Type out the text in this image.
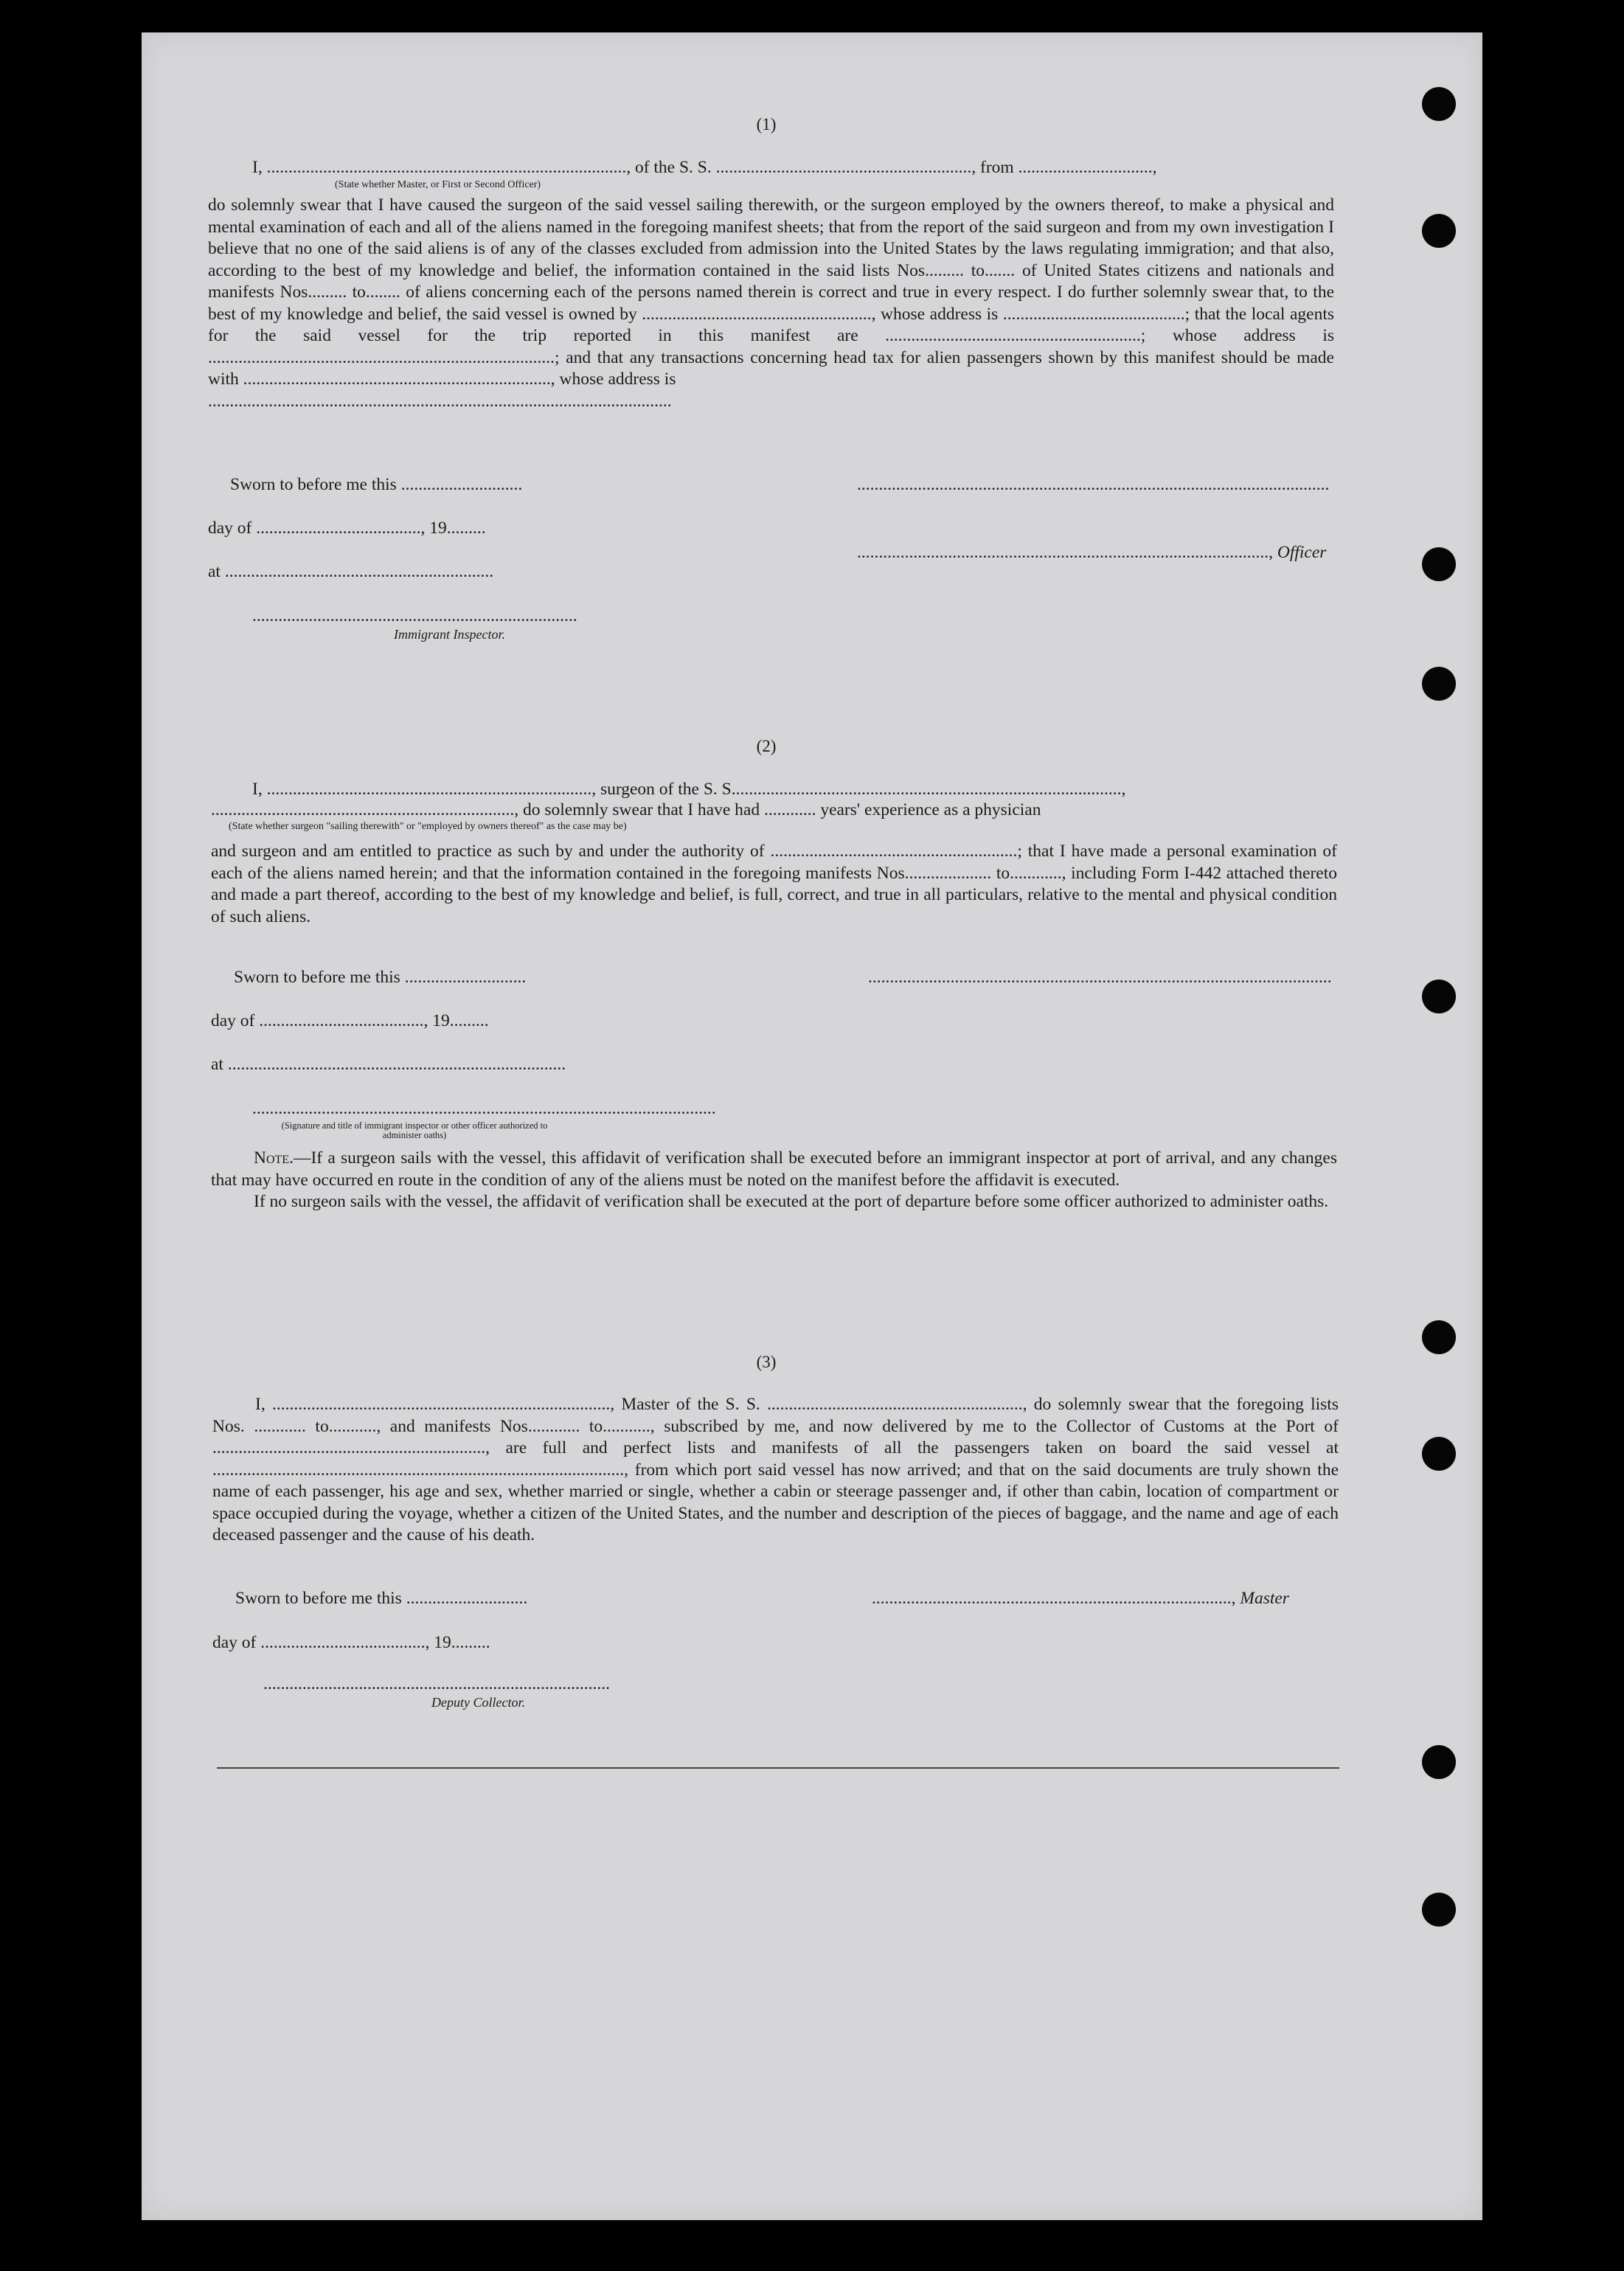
(1)
I, ..................................................................................., of the S. S. ..........................................................., from ...............................,
(State whether Master, or First or Second Officer)

do solemnly swear that I have caused the surgeon of the said vessel sailing therewith, or the surgeon employed by the owners thereof, to make a physical and mental examination of each and all of the aliens named in the foregoing manifest sheets; that from the report of the said surgeon and from my own investigation I believe that no one of the said aliens is of any of the classes excluded from admission into the United States by the laws regulating immigration; and that also, according to the best of my knowledge and belief, the information contained in the said lists Nos......... to....... of United States citizens and nationals and manifests Nos......... to........ of aliens concerning each of the persons named therein is correct and true in every respect. I do further solemnly swear that, to the best of my knowledge and belief, the said vessel is owned by ....................................................., whose address is ..........................................; that the local agents for the said vessel for the trip reported in this manifest are ...........................................................; whose address is ................................................................................; and that any transactions concerning head tax for alien passengers shown by this manifest should be made with ......................................................................., whose address is

...........................................................................................................

Sworn to before me this ............................	.............................................................................................................
day of ......................................, 19.........
..............................................................................................., Officer
at ..............................................................
...........................................................................
Immigrant Inspector.
(2)
I, ..........................................................................., surgeon of the S. S..........................................................................................,
......................................................................, do solemnly swear that I have had ............ years' experience as a physician
(State whether surgeon "sailing therewith" or "employed by owners thereof" as the case may be)
and surgeon and am entitled to practice as such by and under the authority of .........................................................; that I have made a personal examination of each of the aliens named herein; and that the information contained in the foregoing manifests Nos.................... to............, including Form I-442 attached thereto and made a part thereof, according to the best of my knowledge and belief, is full, correct, and true in all particulars, relative to the mental and physical condition of such aliens.
Sworn to before me this ............................	...........................................................................................................
day of ......................................, 19.........
at ..............................................................................
...........................................................................................................
(Signature and title of immigrant inspector or other officer authorized to administer oaths)

Note.—If a surgeon sails with the vessel, this affidavit of verification shall be executed before an immigrant inspector at port of arrival, and any changes that may have occurred en route in the condition of any of the aliens must be noted on the manifest before the affidavit is executed.

If no surgeon sails with the vessel, the affidavit of verification shall be executed at the port of departure before some officer authorized to administer oaths.

(3)
I, .............................................................................., Master of the S. S. ..........................................................., do solemnly swear that the foregoing lists Nos. ............ to..........., and manifests Nos............ to..........., subscribed by me, and now delivered by me to the Collector of Customs at the Port of ..............................................................., are full and perfect lists and manifests of all the passengers taken on board the said vessel at ..............................................................................................., from which port said vessel has now arrived; and that on the said documents are truly shown the name of each passenger, his age and sex, whether married or single, whether a cabin or steerage passenger and, if other than cabin, location of compartment or space occupied during the voyage, whether a citizen of the United States, and the number and description of the pieces of baggage, and the name and age of each deceased passenger and the cause of his death.
Sworn to before me this ............................	..................................................................................., Master
day of ......................................, 19.........
................................................................................
Deputy Collector.
